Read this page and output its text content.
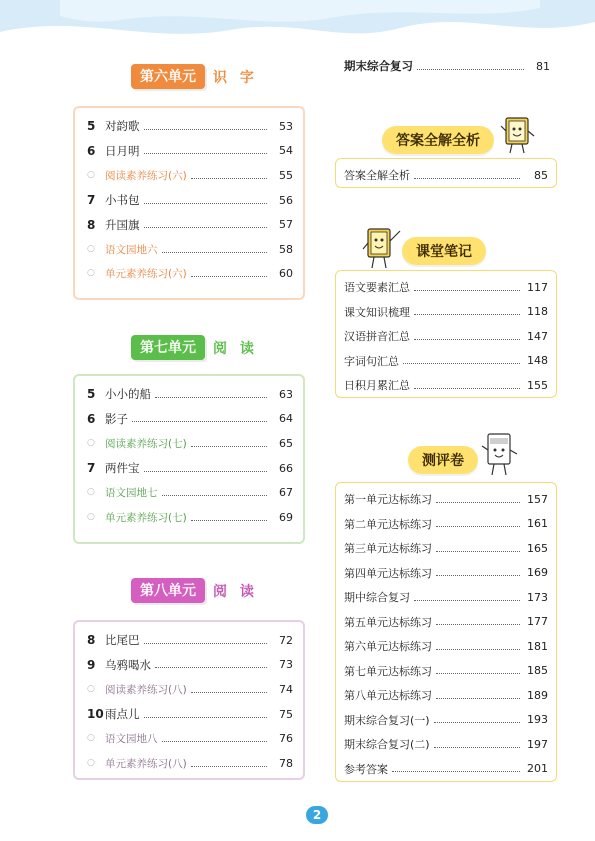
第六单元	识 字
5 对韵歌	53
6 日月明	54
○ 阅读素养练习(六)	55
7 小书包	56
8 升国旗	57
○ 语文园地六	58
○ 单元素养练习(六)	60
第七单元	阅 读
5 小小的船	63
6 影子	64
○ 阅读素养练习(七)	65
7 两件宝	66
○ 语文园地七	67
○ 单元素养练习(七)	69
第八单元	阅 读
8 比尾巴	72
9 乌鸦喝水	73
○ 阅读素养练习(八)	74
10 雨点儿	75
○ 语文园地八	76
○ 单元素养练习(八)	78
期末综合复习	81
答案全解全析
答案全解全析	85
课堂笔记
语文要素汇总	117
课文知识梳理	118
汉语拼音汇总	147
字词句汇总	148
日积月累汇总	155
测评卷
第一单元达标练习	157
第二单元达标练习	161
第三单元达标练习	165
第四单元达标练习	169
期中综合复习	173
第五单元达标练习	177
第六单元达标练习	181
第七单元达标练习	185
第八单元达标练习	189
期末综合复习(一)	193
期末综合复习(二)	197
参考答案	201
2
